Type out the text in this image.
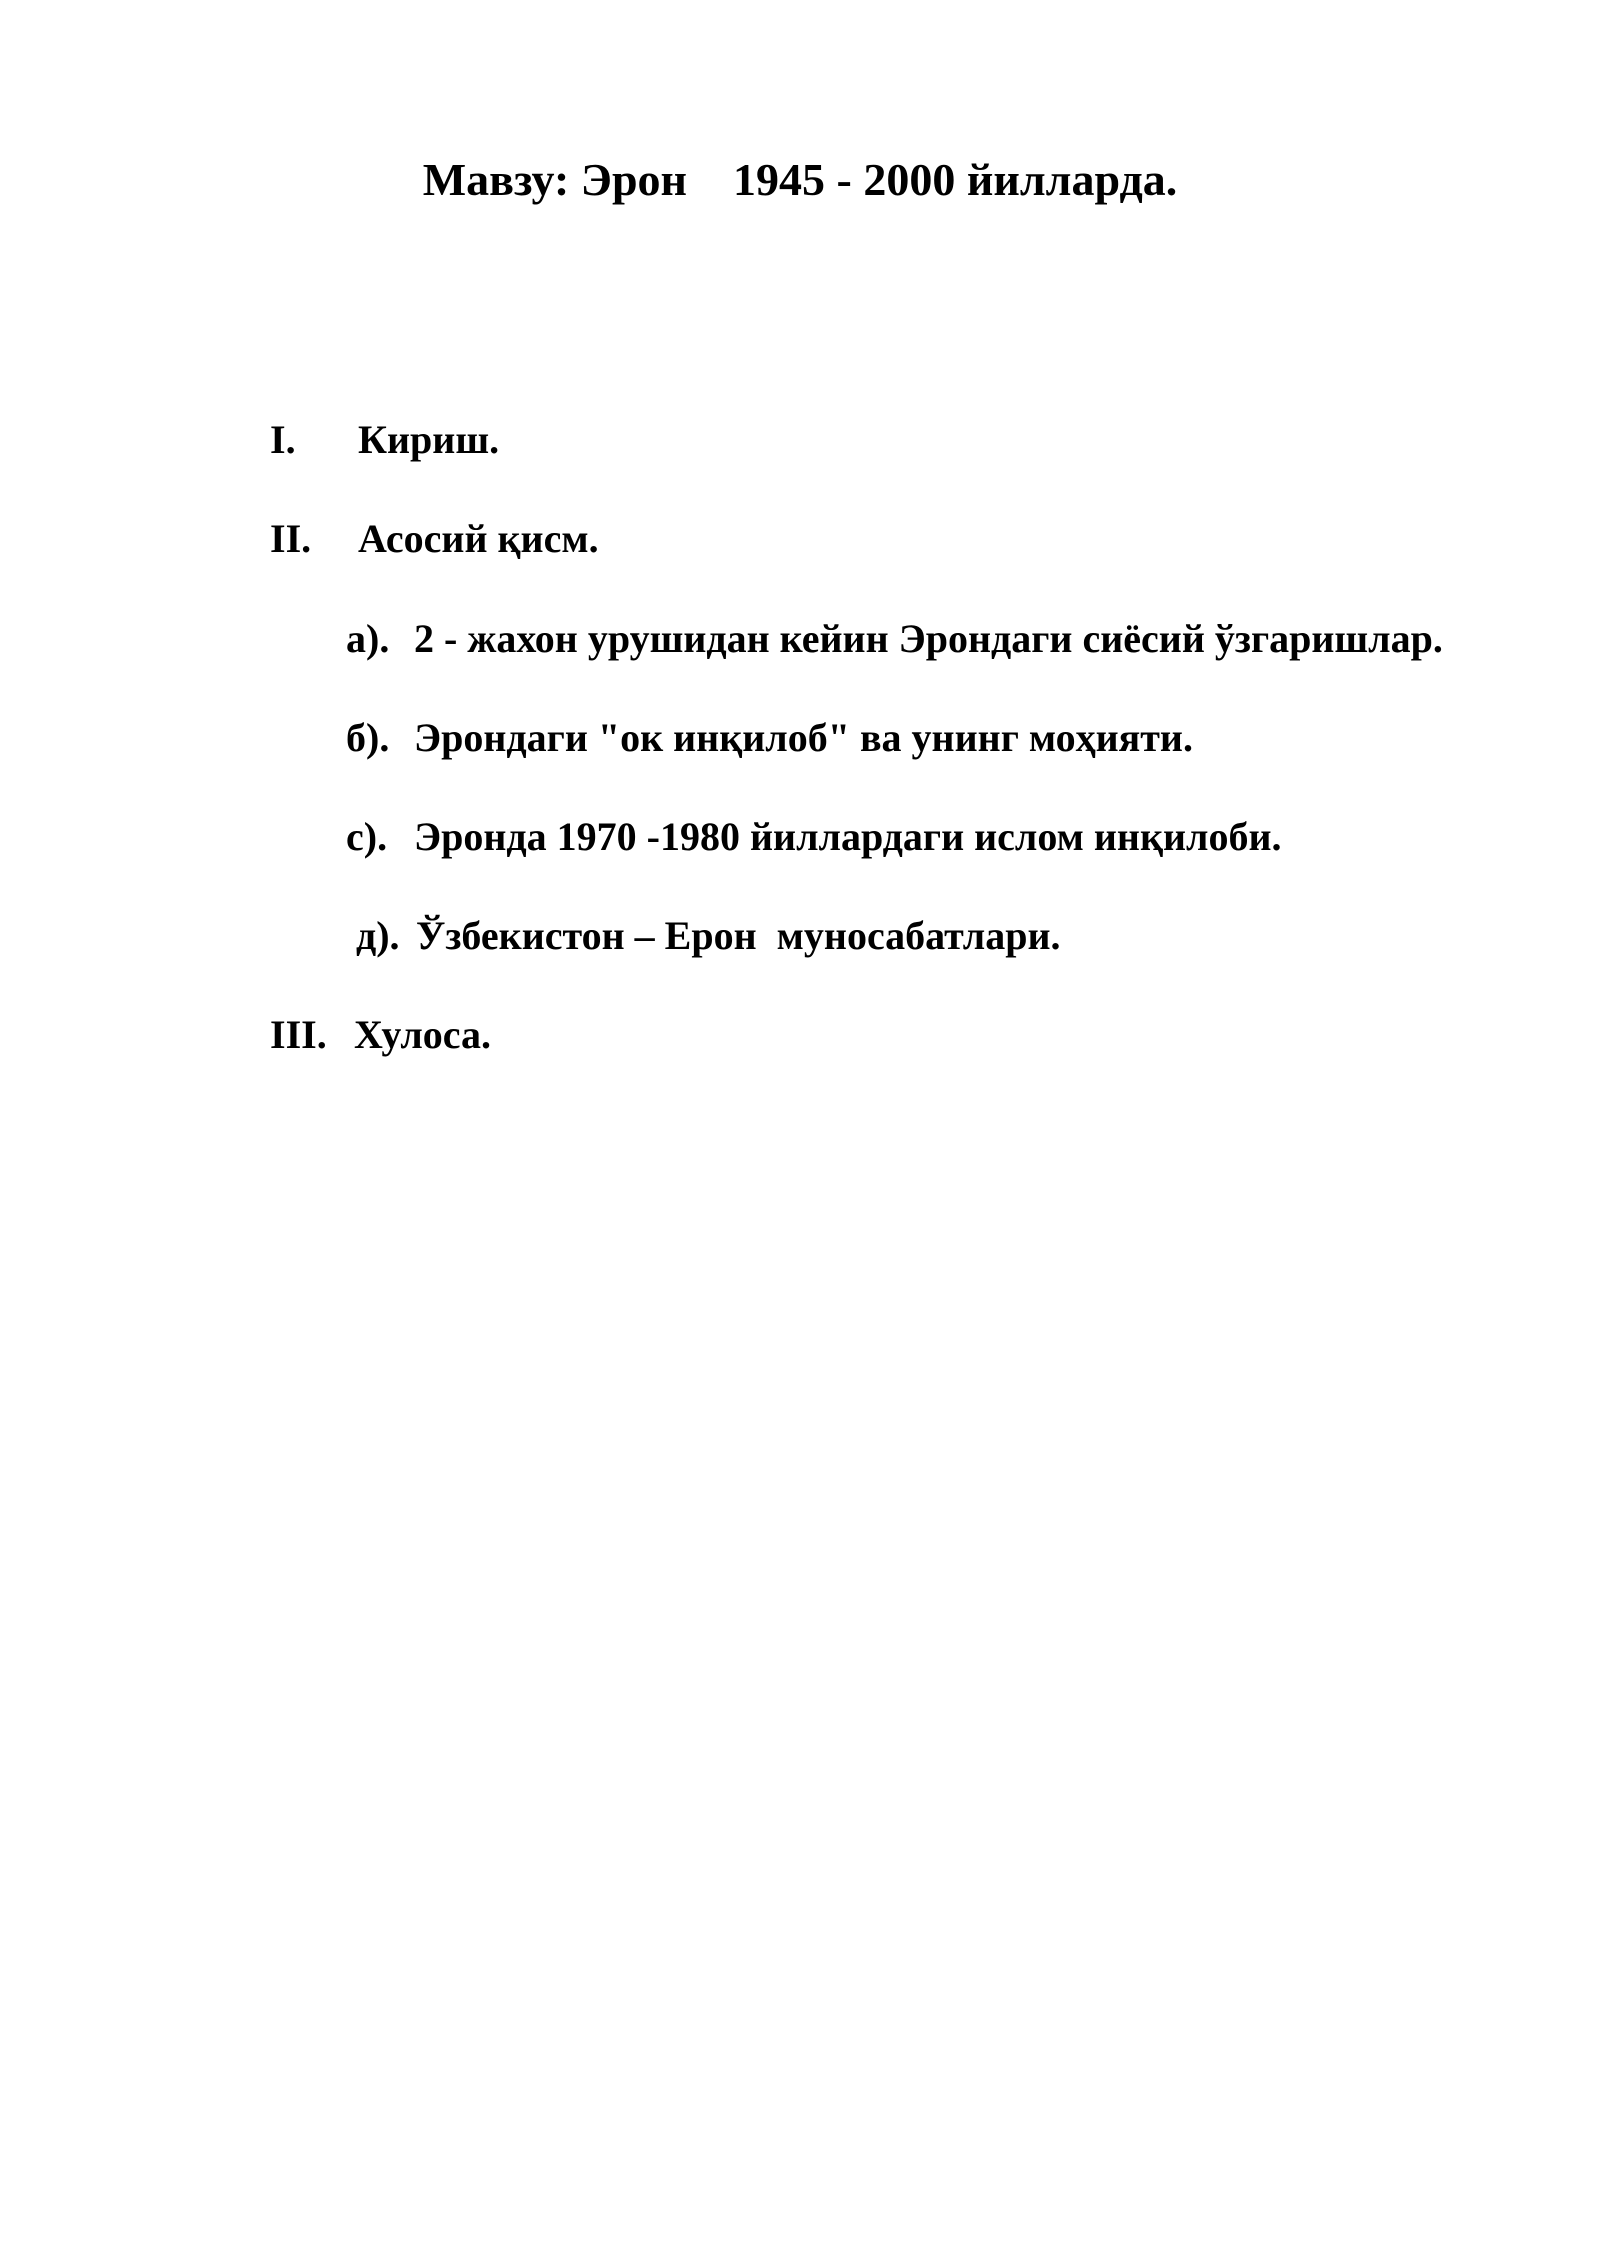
Мавзу: Эрон    1945 - 2000 йилларда.

I. Кириш.

II. Асосий қисм.

а). 2 - жахон урушидан кейин Эрондаги сиёсий ўзгаришлар.

б). Эрондаги "ок инқилоб" ва унинг моҳияти.

с). Эронда 1970 -1980 йиллардаги ислом инқилоби.

д). Ўзбекистон – Ерон  муносабатлари.

III. Хулоса.
